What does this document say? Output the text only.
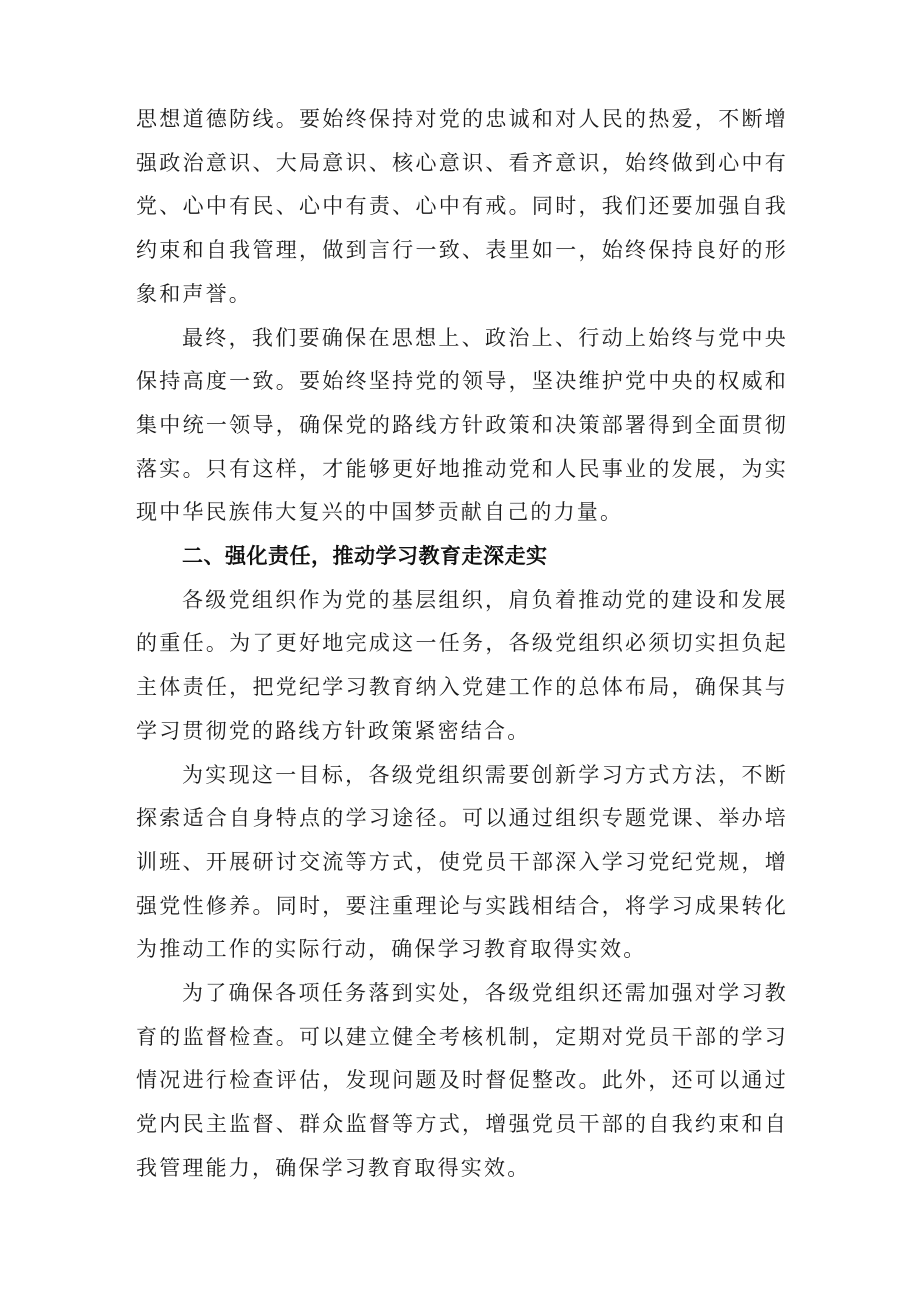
思想道德防线。要始终保持对党的忠诚和对人民的热爱，不断增强政治意识、大局意识、核心意识、看齐意识，始终做到心中有党、心中有民、心中有责、心中有戒。同时，我们还要加强自我约束和自我管理，做到言行一致、表里如一，始终保持良好的形象和声誉。

最终，我们要确保在思想上、政治上、行动上始终与党中央保持高度一致。要始终坚持党的领导，坚决维护党中央的权威和集中统一领导，确保党的路线方针政策和决策部署得到全面贯彻落实。只有这样，才能够更好地推动党和人民事业的发展，为实现中华民族伟大复兴的中国梦贡献自己的力量。

二、强化责任，推动学习教育走深走实

各级党组织作为党的基层组织，肩负着推动党的建设和发展的重任。为了更好地完成这一任务，各级党组织必须切实担负起主体责任，把党纪学习教育纳入党建工作的总体布局，确保其与学习贯彻党的路线方针政策紧密结合。

为实现这一目标，各级党组织需要创新学习方式方法，不断探索适合自身特点的学习途径。可以通过组织专题党课、举办培训班、开展研讨交流等方式，使党员干部深入学习党纪党规，增强党性修养。同时，要注重理论与实践相结合，将学习成果转化为推动工作的实际行动，确保学习教育取得实效。

为了确保各项任务落到实处，各级党组织还需加强对学习教育的监督检查。可以建立健全考核机制，定期对党员干部的学习情况进行检查评估，发现问题及时督促整改。此外，还可以通过党内民主监督、群众监督等方式，增强党员干部的自我约束和自我管理能力，确保学习教育取得实效。
